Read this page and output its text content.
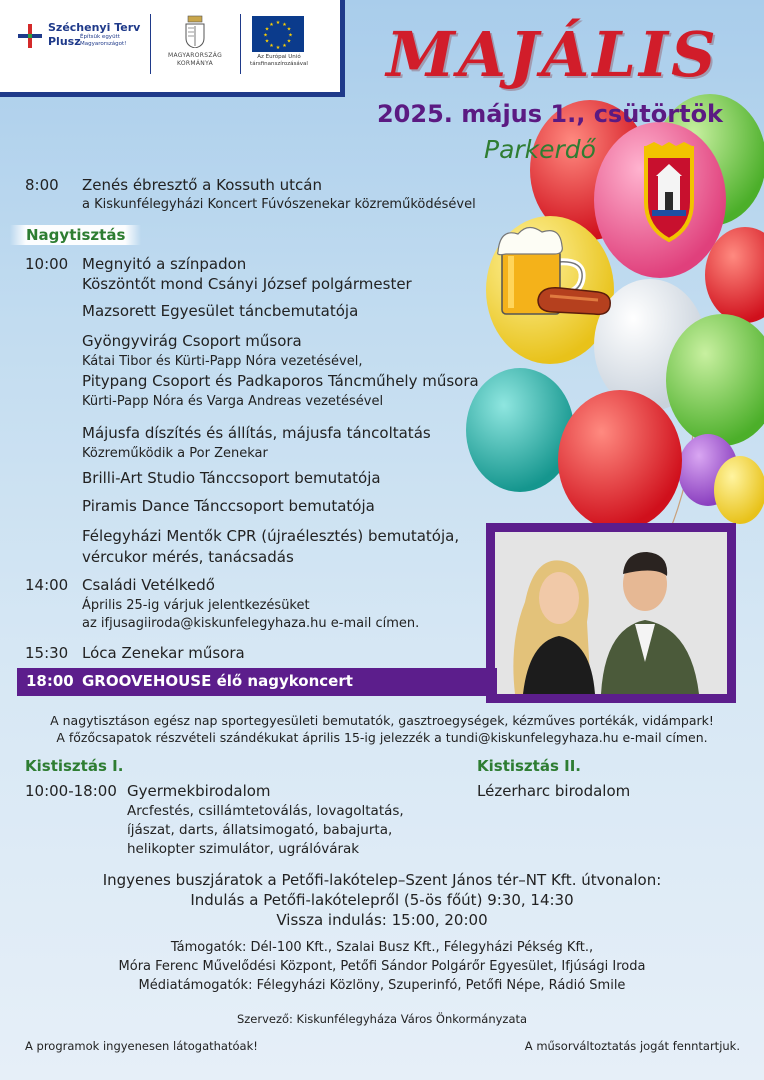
Széchenyi Terv
Plusz Építsük együtt Magyarországot!
MAGYARORSZÁG KORMÁNYA
★ ★
★
★
★
★
★
★
★
★
★
★
Az Európai Unió társfinanszírozásával	MAJÁLIS
2025. május 1., csütörtök
Parkerdő
8:00 Zenés ébresztő a Kossuth utcán
a Kiskunfélegyházi Koncert Fúvószenekar közreműködésével
Nagytisztás
10:00 Megnyitó a színpadon
Köszöntőt mond Csányi József polgármester
Mazsorett Egyesület táncbemutatója
Gyöngyvirág Csoport műsora
Kátai Tibor és Kürti-Papp Nóra vezetésével,
Pitypang Csoport és Padkaporos Táncműhely műsora
Kürti-Papp Nóra és Varga Andreas vezetésével
Májusfa díszítés és állítás, májusfa táncoltatás
Közreműködik a Por Zenekar
Brilli-Art Studio Tánccsoport bemutatója
Piramis Dance Tánccsoport bemutatója
Félegyházi Mentők CPR (újraélesztés) bemutatója,
vércukor mérés, tanácsadás
14:00 Családi Vetélkedő
Április 25-ig várjuk jelentkezésüket
az ifjusagiiroda@kiskunfelegyhaza.hu e-mail címen.
15:30 Lóca Zenekar műsora
18:00 GROOVEHOUSE élő nagykoncert
A nagytisztáson egész nap sportegyesületi bemutatók, gasztroegységek, kézműves portékák, vidámpark!
A főzőcsapatok részvételi szándékukat április 15-ig jelezzék a tundi@kiskunfelegyhaza.hu e-mail címen.
Kistisztás I.	Kistisztás II.
10:00-18:00 Gyermekbirodalom	Lézerharc birodalom
Arcfestés, csillámtetoválás, lovagoltatás,
íjászat, darts, állatsimogató, babajurta,
helikopter szimulátor, ugrálóvárak
Ingyenes buszjáratok a Petőfi-lakótelep–Szent János tér–NT Kft. útvonalon:
Indulás a Petőfi-lakótelepről (5-ös főút) 9:30, 14:30
Vissza indulás: 15:00, 20:00
Támogatók: Dél-100 Kft., Szalai Busz Kft., Félegyházi Pékség Kft.,
Móra Ferenc Művelődési Központ, Petőfi Sándor Polgárőr Egyesület, Ifjúsági Iroda
Médiatámogatók: Félegyházi Közlöny, Szuperinfó, Petőfi Népe, Rádió Smile
Szervező: Kiskunfélegyháza Város Önkormányzata
A programok ingyenesen látogathatóak!	A műsorváltoztatás jogát fenntartjuk.
